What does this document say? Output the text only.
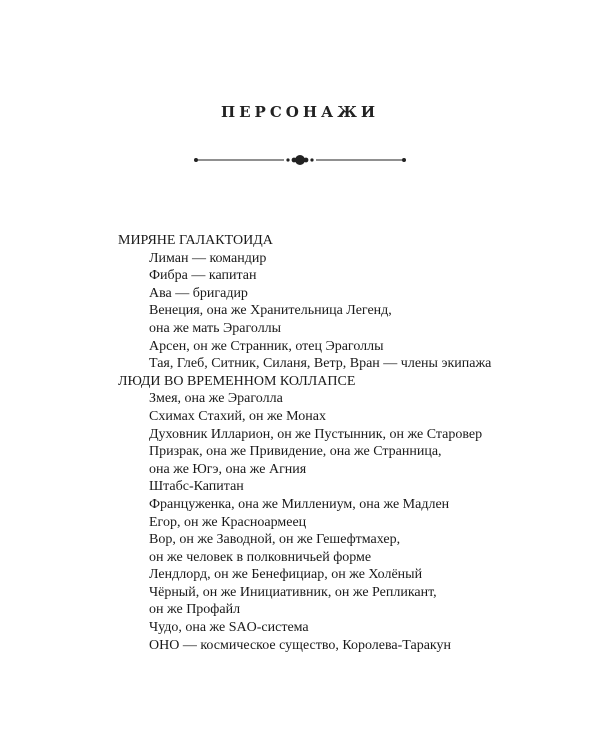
ПЕРСОНАЖИ
МИРЯНЕ ГАЛАКТОИДА
Лиман — командир
Фибра — капитан
Ава — бригадир
Венеция, она же Хранительница Легенд,
она же мать Эраголлы
Арсен, он же Странник, отец Эраголлы
Тая, Глеб, Ситник, Силаня, Ветр, Вран — члены экипажа
ЛЮДИ ВО ВРЕМЕННОМ КОЛЛАПСЕ
Змея, она же Эраголла
Схимах Стахий, он же Монах
Духовник Илларион, он же Пустынник, он же Старовер
Призрак, она же Привидение, она же Странница,
она же Югэ, она же Агния
Штабс-Капитан
Француженка, она же Миллениум, она же Мадлен
Егор, он же Красноармеец
Вор, он же Заводной, он же Гешефтмахер,
он же человек в полковничьей форме
Лендлорд, он же Бенефициар, он же Холёный
Чёрный, он же Инициативник, он же Репликант,
он же Профайл
Чудо, она же SAO-система
ОНО — космическое существо, Королева-Таракун
